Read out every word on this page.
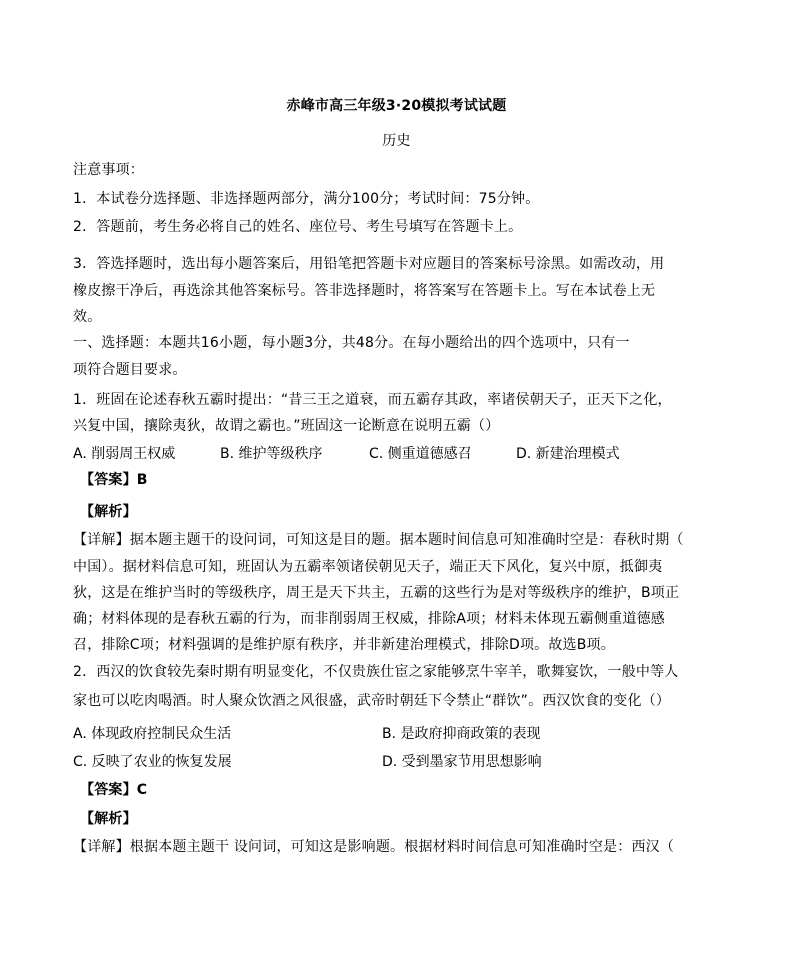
赤峰市高三年级3·20模拟考试试题
历史
注意事项：
1．本试卷分选择题、非选择题两部分，满分100分；考试时间：75分钟。
2．答题前，考生务必将自己的姓名、座位号、考生号填写在答题卡上。
3．答选择题时，选出每小题答案后，用铅笔把答题卡对应题目的答案标号涂黑。如需改动，用
橡皮擦干净后，再选涂其他答案标号。答非选择题时，将答案写在答题卡上。写在本试卷上无
效。
一、选择题：本题共16小题，每小题3分，共48分。在每小题给出的四个选项中，只有一
项符合题目要求。
1．班固在论述春秋五霸时提出：“昔三王之道衰，而五霸存其政，率诸侯朝天子，正天下之化，
兴复中国，攘除夷狄，故谓之霸也。”班固这一论断意在说明五霸（）
A. 削弱周王权威	B. 维护等级秩序	C. 侧重道德感召	D. 新建治理模式
【答案】B
【解析】
【详解】据本题主题干的设问词，可知这是目的题。据本题时间信息可知准确时空是：春秋时期（
中国）。据材料信息可知，班固认为五霸率领诸侯朝见天子，端正天下风化，复兴中原，抵御夷
狄，这是在维护当时的等级秩序，周王是天下共主，五霸的这些行为是对等级秩序的维护，B项正
确；材料体现的是春秋五霸的行为，而非削弱周王权威，排除A项；材料未体现五霸侧重道德感
召，排除C项；材料强调的是维护原有秩序，并非新建治理模式，排除D项。故选B项。
2．西汉的饮食较先秦时期有明显变化，不仅贵族仕宦之家能够烹牛宰羊，歌舞宴饮，一般中等人
家也可以吃肉喝酒。时人聚众饮酒之风很盛，武帝时朝廷下令禁止“群饮”。西汉饮食的变化（）
A. 体现政府控制民众生活	B. 是政府抑商政策的表现
C. 反映了农业的恢复发展	D. 受到墨家节用思想影响
【答案】C
【解析】
【详解】根据本题主题干 设问词，可知这是影响题。根据材料时间信息可知准确时空是：西汉（
